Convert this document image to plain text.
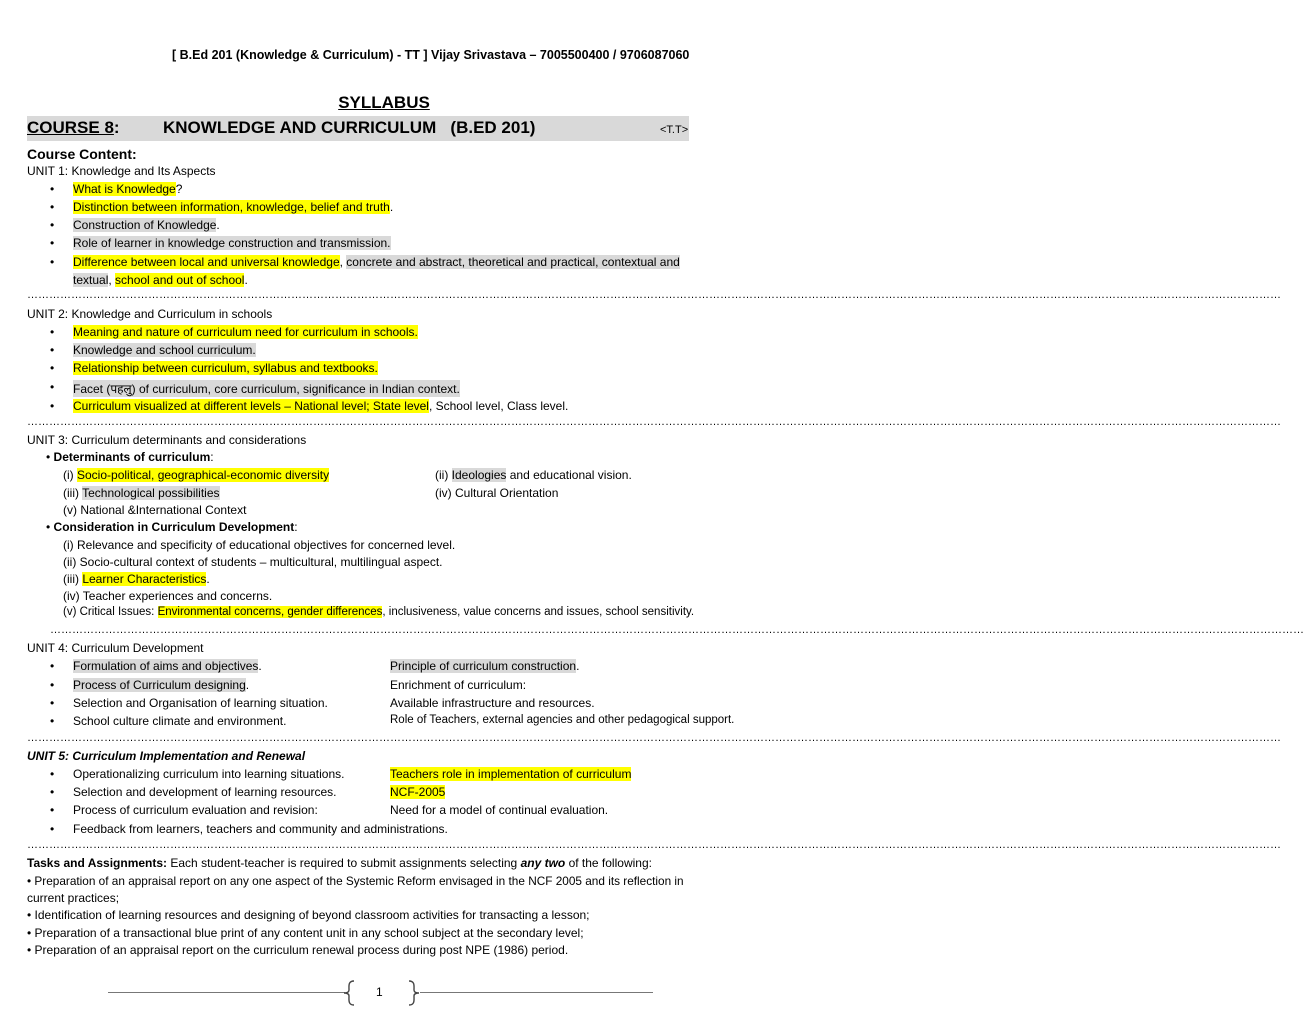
[ B.Ed 201 (Knowledge & Curriculum) - TT ] Vijay Srivastava – 7005500400 / 9706087060
SYLLABUS
COURSE 8:	KNOWLEDGE AND CURRICULUM (B.ED 201)	<T.T>
Course Content:
UNIT 1: Knowledge and Its Aspects
• What is Knowledge?
• Distinction between information, knowledge, belief and truth.
• Construction of Knowledge.
• Role of learner in knowledge construction and transmission.
• Difference between local and universal knowledge, concrete and abstract, theoretical and practical, contextual and
textual, school and out of school.
………………………………………………………………………………………………………………………………………………………………………………………………………………………………………………………………………………………………………………
UNIT 2: Knowledge and Curriculum in schools
• Meaning and nature of curriculum need for curriculum in schools.
• Knowledge and school curriculum.
• Relationship between curriculum, syllabus and textbooks.
• Facet (पहलु) of curriculum, core curriculum, significance in Indian context.
• Curriculum visualized at different levels – National level; State level, School level, Class level.
………………………………………………………………………………………………………………………………………………………………………………………………………………………………………………………………………………………………………………
UNIT 3: Curriculum determinants and considerations
• Determinants of curriculum:
(i) Socio-political, geographical-economic diversity	(ii) Ideologies and educational vision.
(iii) Technological possibilities	(iv) Cultural Orientation
(v) National &International Context
• Consideration in Curriculum Development:
(i) Relevance and specificity of educational objectives for concerned level.
(ii) Socio-cultural context of students – multicultural, multilingual aspect.
(iii) Learner Characteristics.
(iv) Teacher experiences and concerns.
(v) Critical Issues: Environmental concerns, gender differences, inclusiveness, value concerns and issues, school sensitivity.
………………………………………………………………………………………………………………………………………………………………………………………………………………………………………………………………………………………………………………
UNIT 4: Curriculum Development
• Formulation of aims and objectives.	Principle of curriculum construction.
• Process of Curriculum designing.	Enrichment of curriculum:
• Selection and Organisation of learning situation.	Available infrastructure and resources.
• School culture climate and environment.	Role of Teachers, external agencies and other pedagogical support.
………………………………………………………………………………………………………………………………………………………………………………………………………………………………………………………………………………………………………………
UNIT 5: Curriculum Implementation and Renewal
• Operationalizing curriculum into learning situations.	Teachers role in implementation of curriculum
• Selection and development of learning resources.	NCF-2005
• Process of curriculum evaluation and revision:	Need for a model of continual evaluation.
• Feedback from learners, teachers and community and administrations.
………………………………………………………………………………………………………………………………………………………………………………………………………………………………………………………………………………………………………………
Tasks and Assignments: Each student-teacher is required to submit assignments selecting any two of the following:
• Preparation of an appraisal report on any one aspect of the Systemic Reform envisaged in the NCF 2005 and its reflection in
current practices;
• Identification of learning resources and designing of beyond classroom activities for transacting a lesson;
• Preparation of a transactional blue print of any content unit in any school subject at the secondary level;
• Preparation of an appraisal report on the curriculum renewal process during post NPE (1986) period.
1
